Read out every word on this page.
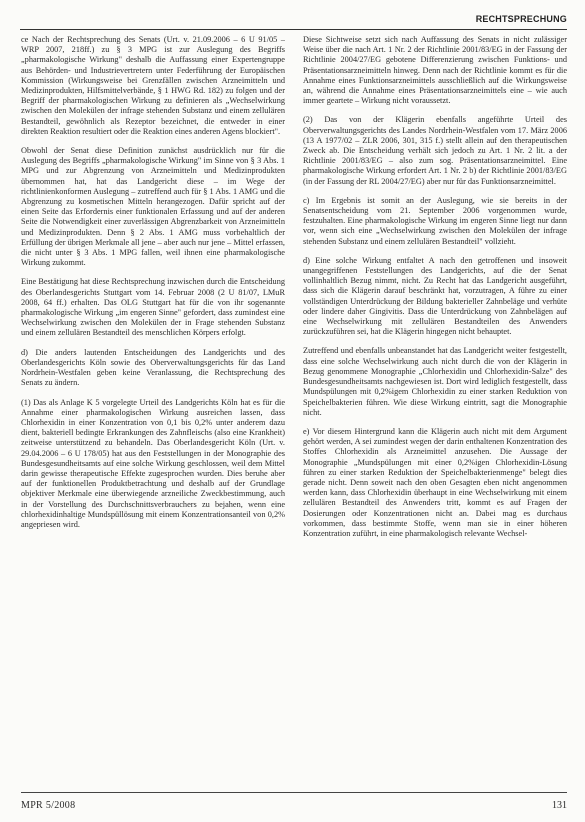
RECHTSPRECHUNG

ce Nach der Rechtsprechung des Senats (Urt. v. 21.09.2006 – 6 U 91/05 – WRP 2007, 218ff.) zu § 3 MPG ist zur Auslegung des Begriffs „pharmakologische Wirkung" deshalb die Auffassung einer Expertengruppe aus Behörden- und Industrievertretern unter Federführung der Europäischen Kommission (Wirkungsweise bei Grenzfällen zwischen Arzneimitteln und Medizinprodukten, Hilfsmittelverbände, § 1 HWG Rd. 182) zu folgen und der Begriff der pharmakologischen Wirkung zu definieren als „Wechselwirkung zwischen den Molekülen der infrage stehenden Substanz und einem zellulären Bestandteil, gewöhnlich als Rezeptor bezeichnet, die entweder in einer direkten Reaktion resultiert oder die Reaktion eines anderen Agens blockiert".

Obwohl der Senat diese Definition zunächst ausdrücklich nur für die Auslegung des Begriffs „pharmakologische Wirkung" im Sinne von § 3 Abs. 1 MPG und zur Abgrenzung von Arzneimitteln und Medizinprodukten übernommen hat, hat das Landgericht diese – im Wege der richtlinienkonformen Auslegung – zutreffend auch für § 1 Abs. 1 AMG und die Abgrenzung zu kosmetischen Mitteln herangezogen. Dafür spricht auf der einen Seite das Erfordernis einer funktionalen Erfassung und auf der anderen Seite die Notwendigkeit einer zuverlässigen Abgrenzbarkeit von Arzneimitteln und Medizinprodukten. Denn § 2 Abs. 1 AMG muss vorbehaltlich der Erfüllung der übrigen Merkmale all jene – aber auch nur jene – Mittel erfassen, die nicht unter § 3 Abs. 1 MPG fallen, weil ihnen eine pharmakologische Wirkung zukommt.

Eine Bestätigung hat diese Rechtsprechung inzwischen durch die Entscheidung des Oberlandesgerichts Stuttgart vom 14. Februar 2008 (2 U 81/07, LMuR 2008, 64 ff.) erhalten. Das OLG Stuttgart hat für die von ihr sogenannte pharmakologische Wirkung „im engeren Sinne" gefordert, dass zumindest eine Wechselwirkung zwischen den Molekülen der in Frage stehenden Substanz und einem zellulären Bestandteil des menschlichen Körpers erfolgt.

d) Die anders lautenden Entscheidungen des Landgerichts und des Oberlandesgerichts Köln sowie des Oberverwaltungsgerichts für das Land Nordrhein-Westfalen geben keine Veranlassung, die Rechtsprechung des Senats zu ändern.

(1) Das als Anlage K 5 vorgelegte Urteil des Landgerichts Köln hat es für die Annahme einer pharmakologischen Wirkung ausreichen lassen, dass Chlorhexidin in einer Konzentration von 0,1 bis 0,2% unter anderem dazu dient, bakteriell bedingte Erkrankungen des Zahnfleischs (also eine Krankheit) zeitweise unterstützend zu behandeln. Das Oberlandesgericht Köln (Urt. v. 29.04.2006 – 6 U 178/05) hat aus den Feststellungen in der Monographie des Bundesgesundheitsamts auf eine solche Wirkung geschlossen, weil dem Mittel darin gewisse therapeutische Effekte zugesprochen wurden. Dies beruhe aber auf der funktionellen Produktbetrachtung und deshalb auf der Grundlage objektiver Merkmale eine überwiegende arzneiliche Zweckbestimmung, auch in der Vorstellung des Durchschnittsverbrauchers zu bejahen, wenn eine chlorhexidinhaltige Mundspüllösung mit einem Konzentrationsanteil von 0,2% angepriesen wird.

Diese Sichtweise setzt sich nach Auffassung des Senats in nicht zulässiger Weise über die nach Art. 1 Nr. 2 der Richtlinie 2001/83/EG in der Fassung der Richtlinie 2004/27/EG gebotene Differenzierung zwischen Funktions- und Präsentationsarzneimitteln hinweg. Denn nach der Richtlinie kommt es für die Annahme eines Funktionsarzneimittels ausschließlich auf die Wirkungsweise an, während die Annahme eines Präsentationsarzneimittels eine – wie auch immer geartete – Wirkung nicht voraussetzt.

(2) Das von der Klägerin ebenfalls angeführte Urteil des Oberverwaltungsgerichts des Landes Nordrhein-Westfalen vom 17. März 2006 (13 A 1977/02 – ZLR 2006, 301, 315 f.) stellt allein auf den therapeutischen Zweck ab. Die Entscheidung verhält sich jedoch zu Art. 1 Nr. 2 lit. a der Richtlinie 2001/83/EG – also zum sog. Präsentationsarzneimittel. Eine pharmakologische Wirkung erfordert Art. 1 Nr. 2 b) der Richtlinie 2001/83/EG (in der Fassung der RL 2004/27/EG) aber nur für das Funktionsarzneimittel.

c) Im Ergebnis ist somit an der Auslegung, wie sie bereits in der Senatsentscheidung vom 21. September 2006 vorgenommen wurde, festzuhalten. Eine pharmakologische Wirkung im engeren Sinne liegt nur dann vor, wenn sich eine „Wechselwirkung zwischen den Molekülen der infrage stehenden Substanz und einem zellulären Bestandteil" vollzieht.

d) Eine solche Wirkung entfaltet A nach den getroffenen und insoweit unangegriffenen Feststellungen des Landgerichts, auf die der Senat vollinhaltlich Bezug nimmt, nicht. Zu Recht hat das Landgericht ausgeführt, dass sich die Klägerin darauf beschränkt hat, vorzutragen, A führe zu einer vollständigen Unterdrückung der Bildung bakterieller Zahnbeläge und verhüte oder lindere daher Gingivitis. Dass die Unterdrückung von Zahnbelägen auf eine Wechselwirkung mit zellulären Bestandteilen des Anwenders zurückzuführen sei, hat die Klägerin hingegen nicht behauptet.

Zutreffend und ebenfalls unbeanstandet hat das Landgericht weiter festgestellt, dass eine solche Wechselwirkung auch nicht durch die von der Klägerin in Bezug genommene Monographie „Chlorhexidin und Chlorhexidin-Salze" des Bundesgesundheitsamts nachgewiesen ist. Dort wird lediglich festgestellt, dass Mundspülungen mit 0,2%igem Chlorhexidin zu einer starken Reduktion von Speichelbakterien führen. Wie diese Wirkung eintritt, sagt die Monographie nicht.

e) Vor diesem Hintergrund kann die Klägerin auch nicht mit dem Argument gehört werden, A sei zumindest wegen der darin enthaltenen Konzentration des Stoffes Chlorhexidin als Arzneimittel anzusehen. Die Aussage der Monographie „Mundspülungen mit einer 0,2%igen Chlorhexidin-Lösung führen zu einer starken Reduktion der Speichelbakterienmenge" belegt dies gerade nicht. Denn soweit nach den oben Gesagten eben nicht angenommen werden kann, dass Chlorhexidin überhaupt in eine Wechselwirkung mit einem zellulären Bestandteil des Anwenders tritt, kommt es auf Fragen der Dosierungen oder Konzentrationen nicht an. Dabei mag es durchaus vorkommen, dass bestimmte Stoffe, wenn man sie in einer höheren Konzentration zuführt, in eine pharmakologisch relevante Wechsel-

MPR 5/2008	131
